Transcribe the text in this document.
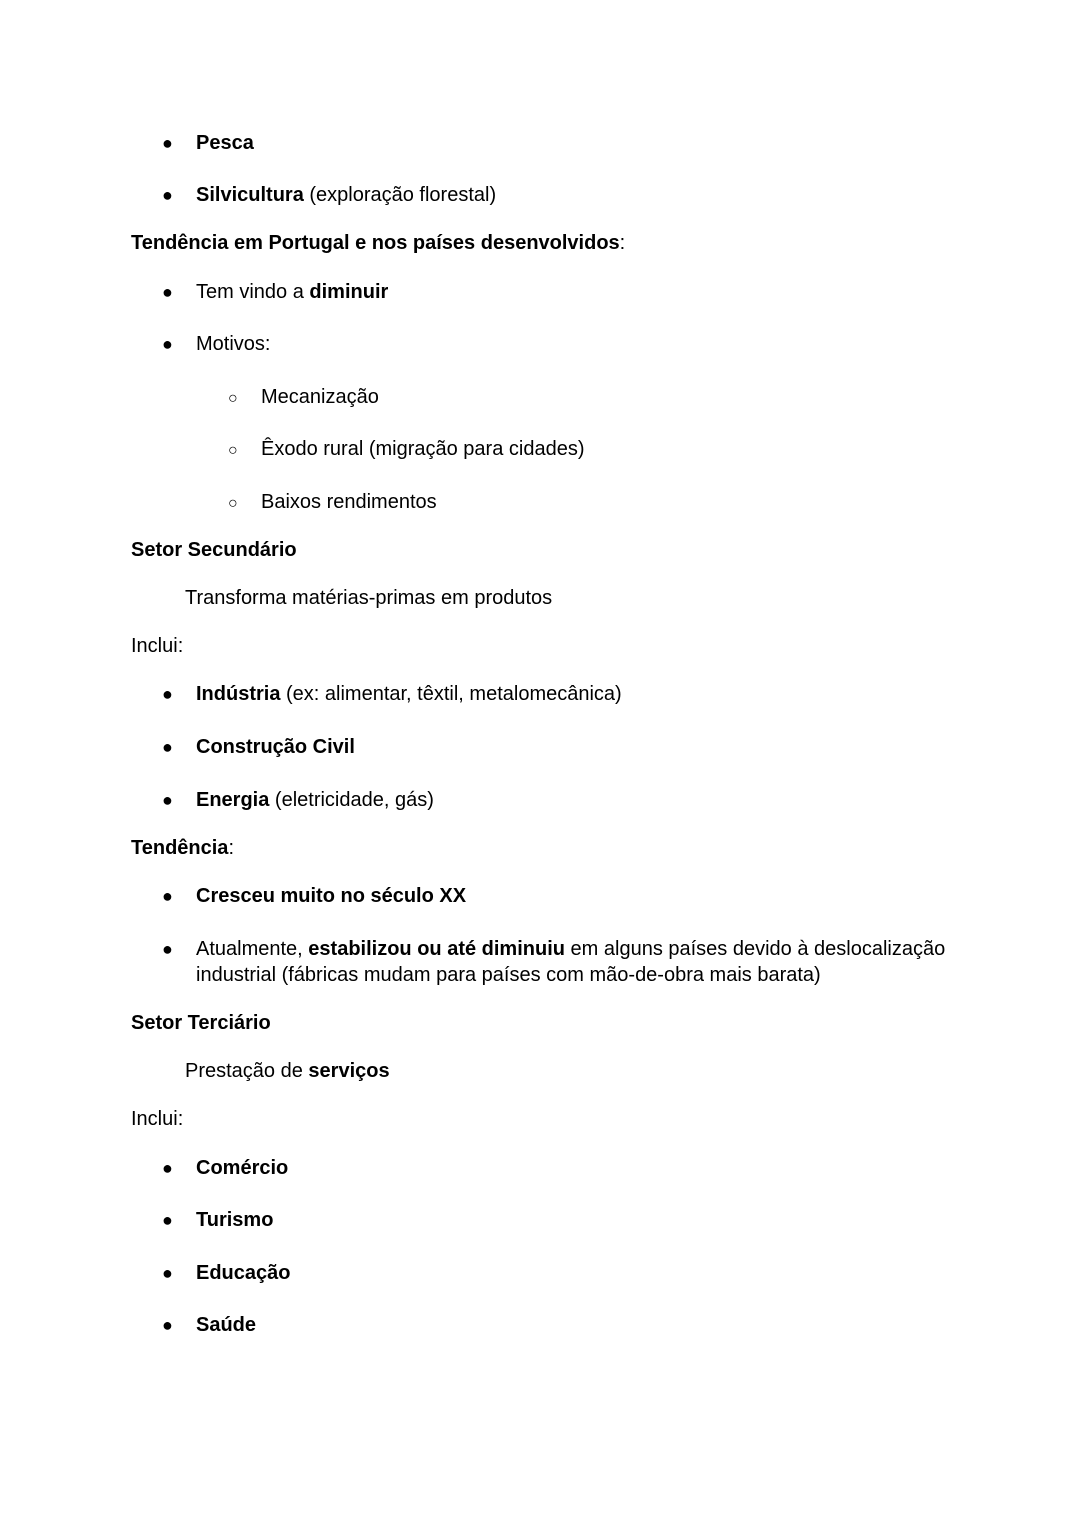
● Pesca
● Silvicultura (exploração florestal)
Tendência em Portugal e nos países desenvolvidos:
● Tem vindo a diminuir
● Motivos:
○ Mecanização
○ Êxodo rural (migração para cidades)
○ Baixos rendimentos
Setor Secundário
Transforma matérias-primas em produtos
Inclui:
● Indústria (ex: alimentar, têxtil, metalomecânica)
● Construção Civil
● Energia (eletricidade, gás)
Tendência:
● Cresceu muito no século XX
● Atualmente, estabilizou ou até diminuiu em alguns países devido à deslocalização industrial (fábricas mudam para países com mão-de-obra mais barata)
Setor Terciário
Prestação de serviços
Inclui:
● Comércio
● Turismo
● Educação
● Saúde
